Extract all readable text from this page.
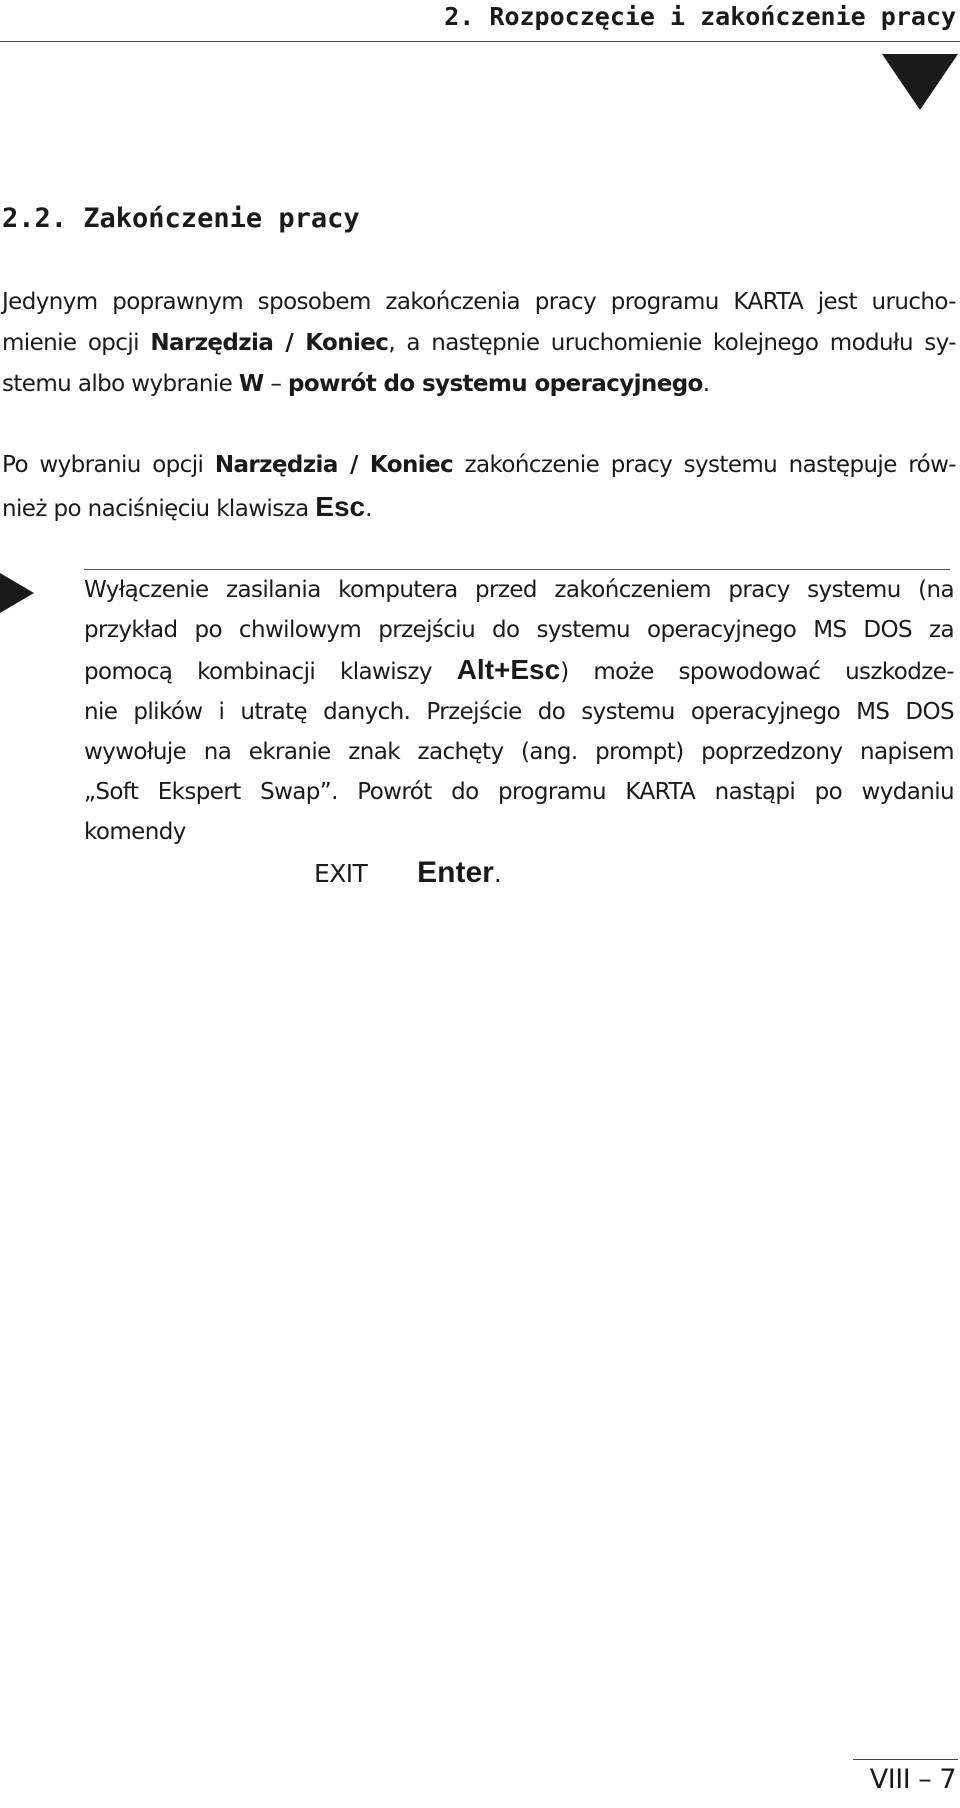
2. Rozpoczęcie i zakończenie pracy
2.2. Zakończenie pracy
Jedynym poprawnym sposobem zakończenia pracy programu KARTA jest urucho-
mienie opcji Narzędzia / Koniec, a następnie uruchomienie kolejnego modułu sy-
stemu albo wybranie W – powrót do systemu operacyjnego.
Po wybraniu opcji Narzędzia / Koniec zakończenie pracy systemu następuje rów-
nież po naciśnięciu klawisza Esc.
Wyłączenie zasilania komputera przed zakończeniem pracy systemu (na
przykład po chwilowym przejściu do systemu operacyjnego MS DOS za
pomocą kombinacji klawiszy Alt+Esc) może spowodować uszkodze-
nie plików i utratę danych. Przejście do systemu operacyjnego MS DOS
wywołuje na ekranie znak zachęty (ang. prompt) poprzedzony napisem
„Soft Ekspert Swap”. Powrót do programu KARTA nastąpi po wydaniu
komendy
EXIT Enter.
VIII – 7
